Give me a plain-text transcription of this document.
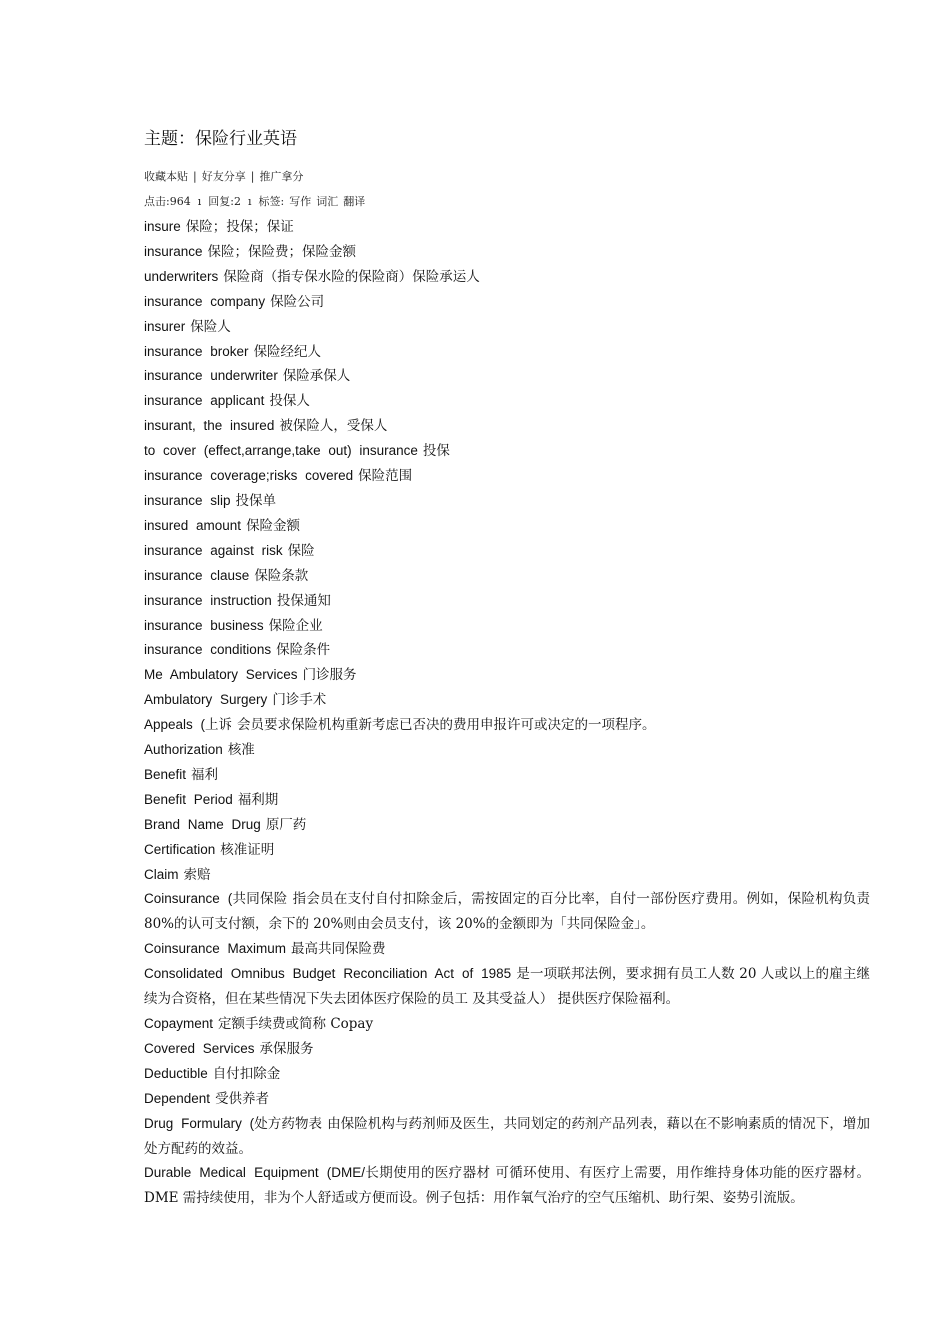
主题：保险行业英语
收藏本贴 | 好友分享 | 推广拿分
点击:964 ı 回复:2 ı 标签: 写作 词汇 翻译
insure 保险；投保；保证
insurance 保险；保险费；保险金额
underwriters 保险商（指专保水险的保险商）保险承运人
insurance company 保险公司
insurer 保险人
insurance broker 保险经纪人
insurance underwriter 保险承保人
insurance applicant 投保人
insurant, the insured 被保险人，受保人
to cover (effect,arrange,take out) insurance 投保
insurance coverage;risks covered 保险范围
insurance slip 投保单
insured amount 保险金额
insurance against risk 保险
insurance clause 保险条款
insurance instruction 投保通知
insurance business 保险企业
insurance conditions 保险条件
Me Ambulatory Services 门诊服务
Ambulatory Surgery 门诊手术
Appeals (上诉 会员要求保险机构重新考虑已否决的费用申报许可或决定的一项程序。
Authorization 核准
Benefit 福利
Benefit Period 福利期
Brand Name Drug 原厂药
Certification 核准证明
Claim 索赔
Coinsurance (共同保险 指会员在支付自付扣除金后，需按固定的百分比率，自付一部份医疗费用。例如，保险机构负责 80%的认可支付额，余下的 20%则由会员支付，该 20%的金额即为「共同保险金」。
Coinsurance Maximum 最高共同保险费
Consolidated Omnibus Budget Reconciliation Act of 1985 是一项联邦法例，要求拥有员工人数 20 人或以上的雇主继续为合资格，但在某些情况下失去团体医疗保险的员工 及其受益人） 提供医疗保险福利。
Copayment 定额手续费或简称 Copay
Covered Services 承保服务
Deductible 自付扣除金
Dependent 受供养者
Drug Formulary (处方药物表 由保险机构与药剂师及医生，共同划定的药剂产品列表，藉以在不影响素质的情况下，增加处方配药的效益。
Durable Medical Equipment (DME/长期使用的医疗器材 可循环使用、有医疗上需要，用作维持身体功能的医疗器材。DME 需持续使用，非为个人舒适或方便而设。例子包括：用作氧气治疗的空气压缩机、助行架、姿势引流版。
